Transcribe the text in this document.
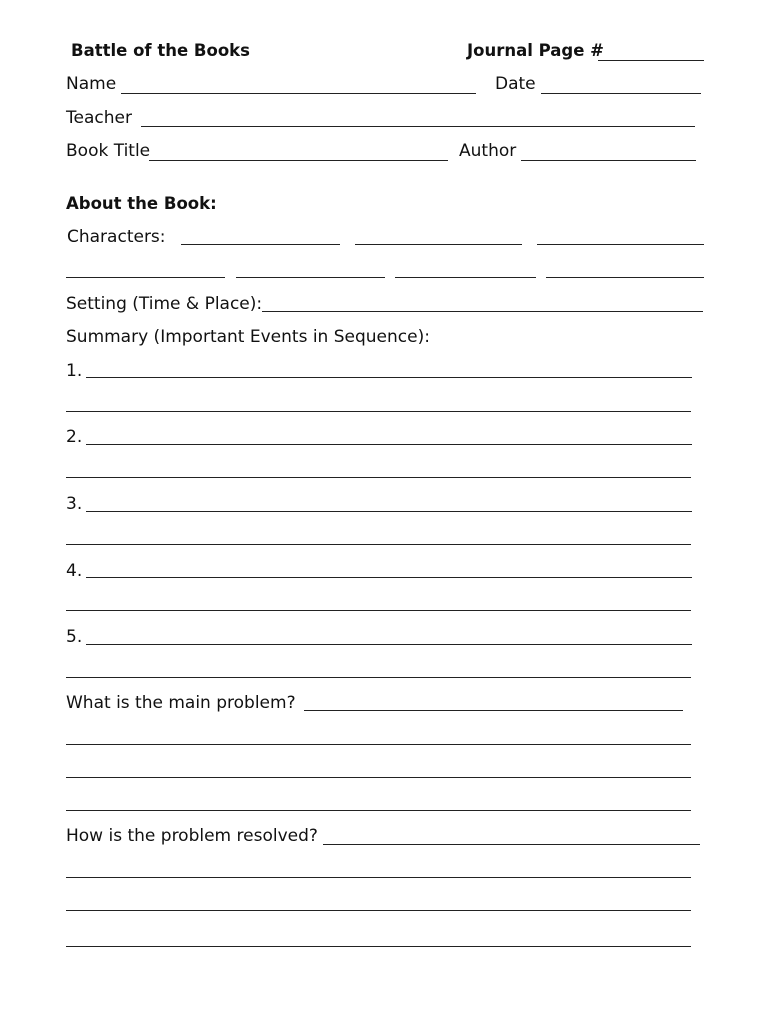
Battle of the Books	Journal Page #
Name	Date
Teacher
Book Title	Author
About the Book:
Characters:
Setting (Time & Place):
Summary (Important Events in Sequence):
1.
2.
3.
4.
5.
What is the main problem?
How is the problem resolved?
